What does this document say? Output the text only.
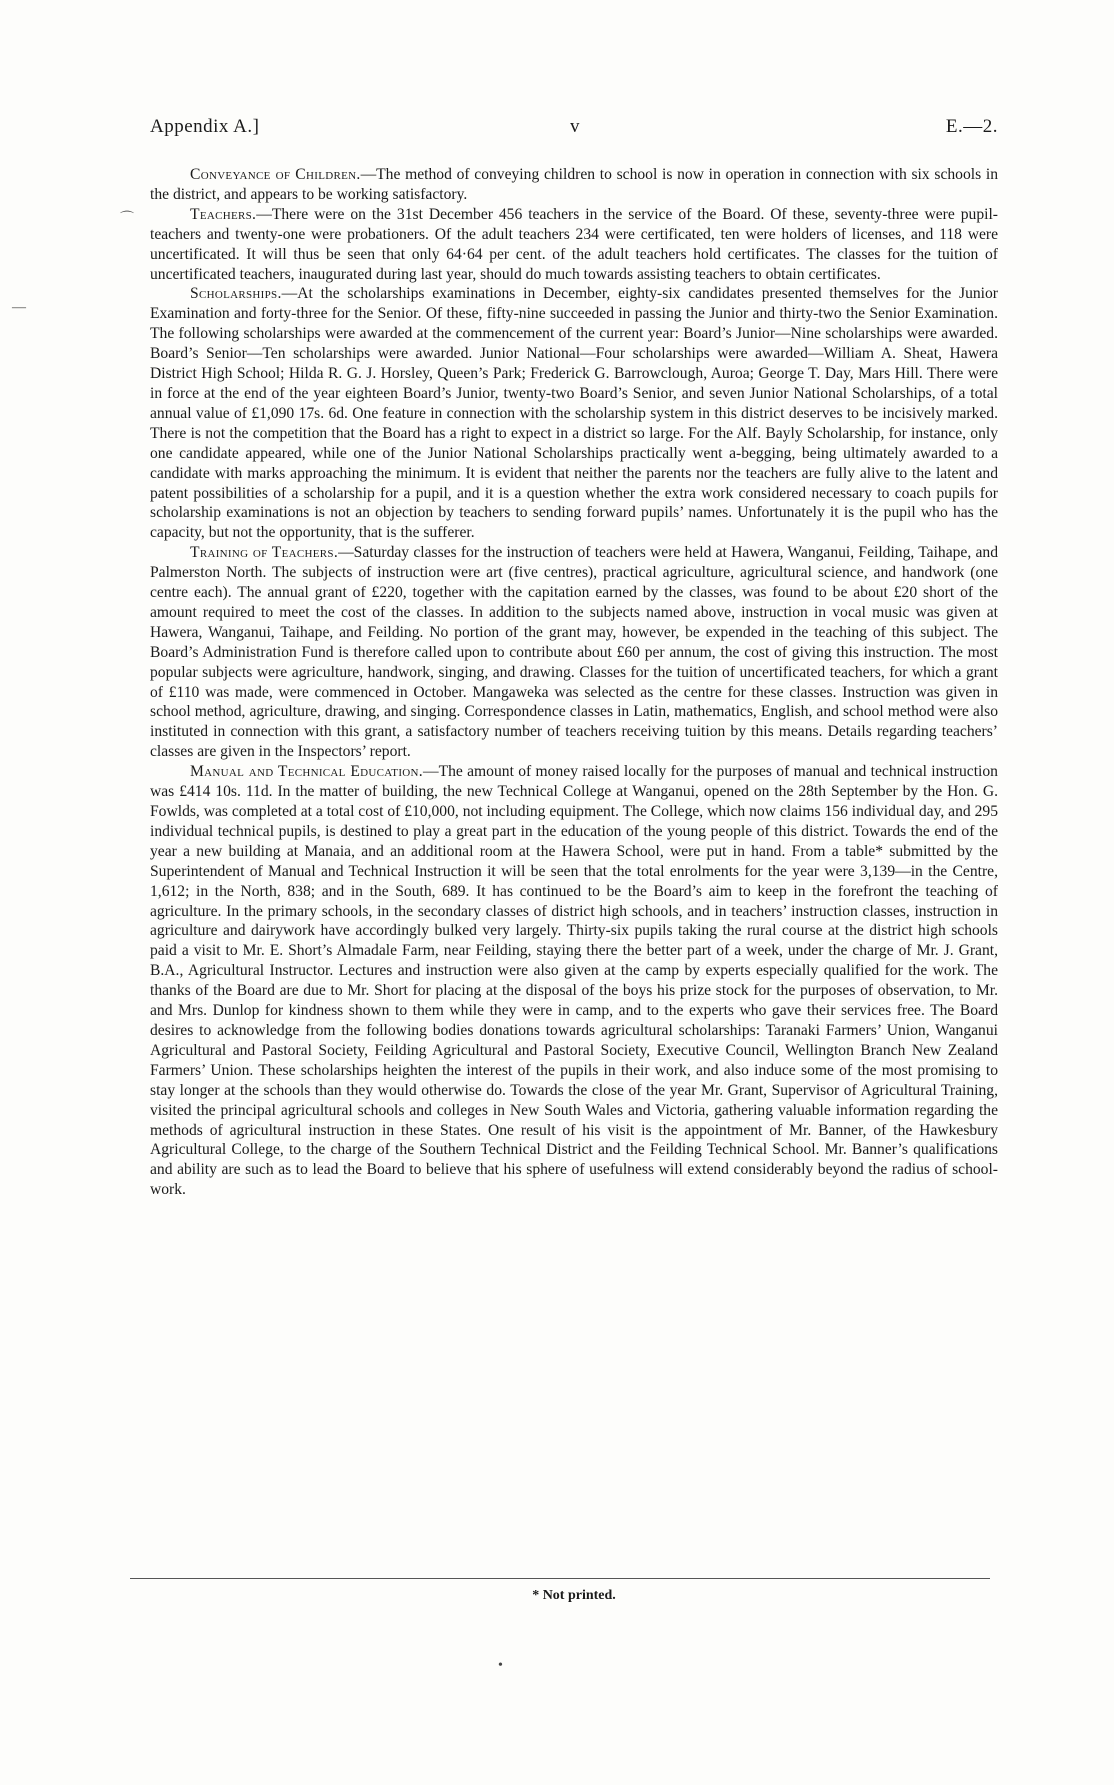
Appendix A.]	v	E.—2.

Conveyance of Children.—The method of conveying children to school is now in operation in connection with six schools in the district, and appears to be working satisfactory.

Teachers.—There were on the 31st December 456 teachers in the service of the Board. Of these, seventy-three were pupil-teachers and twenty-one were probationers. Of the adult teachers 234 were certificated, ten were holders of licenses, and 118 were uncertificated. It will thus be seen that only 64·64 per cent. of the adult teachers hold certificates. The classes for the tuition of uncertificated teachers, inaugurated during last year, should do much towards assisting teachers to obtain certificates.

Scholarships.—At the scholarships examinations in December, eighty-six candidates presented themselves for the Junior Examination and forty-three for the Senior. Of these, fifty-nine succeeded in passing the Junior and thirty-two the Senior Examination. The following scholarships were awarded at the commencement of the current year: Board’s Junior—Nine scholarships were awarded. Board’s Senior—Ten scholarships were awarded. Junior National—Four scholarships were awarded—William A. Sheat, Hawera District High School; Hilda R. G. J. Horsley, Queen’s Park; Frederick G. Barrowclough, Auroa; George T. Day, Mars Hill. There were in force at the end of the year eighteen Board’s Junior, twenty-two Board’s Senior, and seven Junior National Scholarships, of a total annual value of £1,090 17s. 6d. One feature in connection with the scholarship system in this district deserves to be incisively marked. There is not the competition that the Board has a right to expect in a district so large. For the Alf. Bayly Scholarship, for instance, only one candidate appeared, while one of the Junior National Scholarships practically went a-begging, being ultimately awarded to a candidate with marks approaching the minimum. It is evident that neither the parents nor the teachers are fully alive to the latent and patent possibilities of a scholarship for a pupil, and it is a question whether the extra work considered necessary to coach pupils for scholarship examinations is not an objection by teachers to sending forward pupils’ names. Unfortunately it is the pupil who has the capacity, but not the opportunity, that is the sufferer.

Training of Teachers.—Saturday classes for the instruction of teachers were held at Hawera, Wanganui, Feilding, Taihape, and Palmerston North. The subjects of instruction were art (five centres), practical agriculture, agricultural science, and handwork (one centre each). The annual grant of £220, together with the capitation earned by the classes, was found to be about £20 short of the amount required to meet the cost of the classes. In addition to the subjects named above, instruction in vocal music was given at Hawera, Wanganui, Taihape, and Feilding. No portion of the grant may, however, be expended in the teaching of this subject. The Board’s Administration Fund is therefore called upon to contribute about £60 per annum, the cost of giving this instruction. The most popular subjects were agriculture, handwork, singing, and drawing. Classes for the tuition of uncertificated teachers, for which a grant of £110 was made, were commenced in October. Mangaweka was selected as the centre for these classes. Instruction was given in school method, agriculture, drawing, and singing. Correspondence classes in Latin, mathematics, English, and school method were also instituted in connection with this grant, a satisfactory number of teachers receiving tuition by this means. Details regarding teachers’ classes are given in the Inspectors’ report.

Manual and Technical Education.—The amount of money raised locally for the purposes of manual and technical instruction was £414 10s. 11d. In the matter of building, the new Technical College at Wanganui, opened on the 28th September by the Hon. G. Fowlds, was completed at a total cost of £10,000, not including equipment. The College, which now claims 156 individual day, and 295 individual technical pupils, is destined to play a great part in the education of the young people of this district. Towards the end of the year a new building at Manaia, and an additional room at the Hawera School, were put in hand. From a table* submitted by the Superintendent of Manual and Technical Instruction it will be seen that the total enrolments for the year were 3,139—in the Centre, 1,612; in the North, 838; and in the South, 689. It has continued to be the Board’s aim to keep in the forefront the teaching of agriculture. In the primary schools, in the secondary classes of district high schools, and in teachers’ instruction classes, instruction in agriculture and dairywork have accordingly bulked very largely. Thirty-six pupils taking the rural course at the district high schools paid a visit to Mr. E. Short’s Almadale Farm, near Feilding, staying there the better part of a week, under the charge of Mr. J. Grant, B.A., Agricultural Instructor. Lectures and instruction were also given at the camp by experts especially qualified for the work. The thanks of the Board are due to Mr. Short for placing at the disposal of the boys his prize stock for the purposes of observation, to Mr. and Mrs. Dunlop for kindness shown to them while they were in camp, and to the experts who gave their services free. The Board desires to acknowledge from the following bodies donations towards agricultural scholarships: Taranaki Farmers’ Union, Wanganui Agricultural and Pastoral Society, Feilding Agricultural and Pastoral Society, Executive Council, Wellington Branch New Zealand Farmers’ Union. These scholarships heighten the interest of the pupils in their work, and also induce some of the most promising to stay longer at the schools than they would otherwise do. Towards the close of the year Mr. Grant, Supervisor of Agricultural Training, visited the principal agricultural schools and colleges in New South Wales and Victoria, gathering valuable information regarding the methods of agricultural instruction in these States. One result of his visit is the appointment of Mr. Banner, of the Hawkesbury Agricultural College, to the charge of the Southern Technical District and the Feilding Technical School. Mr. Banner’s qualifications and ability are such as to lead the Board to believe that his sphere of usefulness will extend considerably beyond the radius of school-work.

* Not printed.
⌒
—
•
